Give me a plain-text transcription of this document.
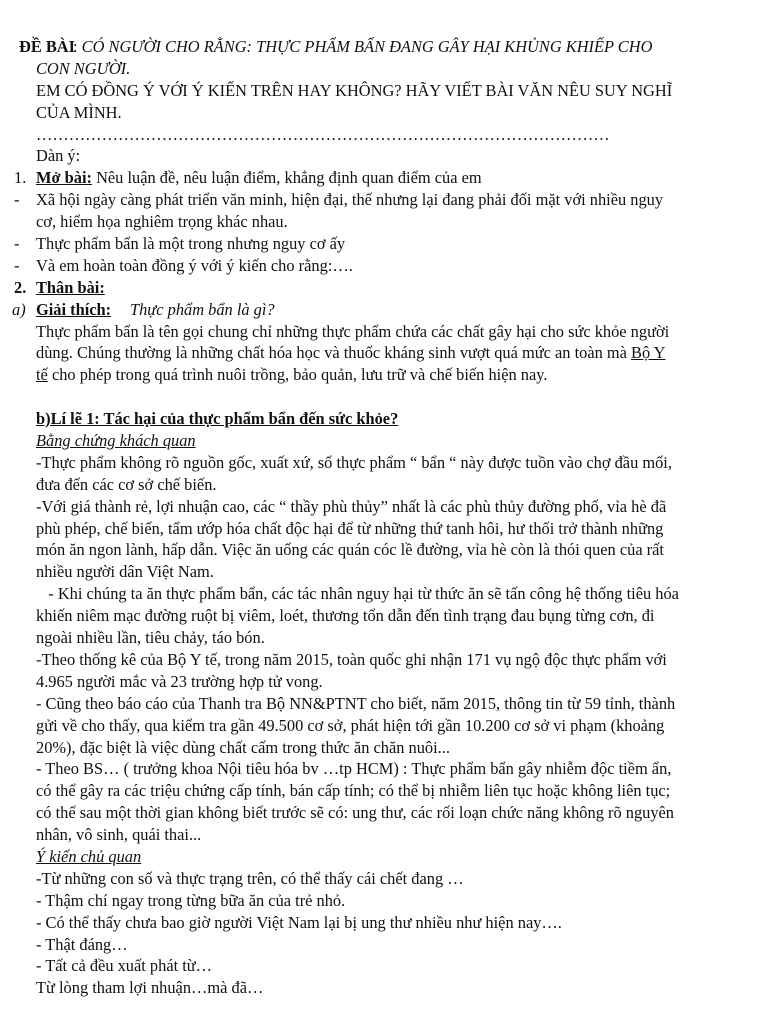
ĐỀ BÀI
: CÓ NGƯỜI CHO RẰNG: THỰC PHẨM BẨN ĐANG GÂY HẠI KHỦNG KHIẾP CHO
CON NGƯỜI.
EM CÓ ĐỒNG Ý VỚI Ý KIẾN TRÊN HAY KHÔNG? HÃY VIẾT BÀI VĂN NÊU SUY NGHĨ
CỦA MÌNH.
……………………………………………………………………………………………
Dàn ý:
1. Mở bài: Nêu luận đề, nêu luận điểm, khẳng định quan điểm của em
Xã hội ngày càng phát triển văn minh, hiện đại, thế nhưng lại đang phải đối mặt với nhiều nguy
-
cơ, hiểm họa nghiêm trọng khác nhau.
Thực phẩm bẩn là một trong nhưng nguy cơ ấy
-
Và em hoàn toàn đồng ý với ý kiến cho rằng:….
-
2. Thân bài:
a) Giải thích: Thực phẩm bẩn là gì?
Thực phẩm bẩn là tên gọi chung chỉ những thực phẩm chứa các chất gây hại cho sức khỏe người
dùng. Chúng thường là những chất hóa học và thuốc kháng sinh vượt quá mức an toàn mà Bộ Y
tế cho phép trong quá trình nuôi trồng, bảo quản, lưu trữ và chế biến hiện nay.
b)Lí lẽ 1: Tác hại của thực phẩm bẩn đến sức khỏe?
Bằng chứng khách quan
-Thực phẩm không rõ nguồn gốc, xuất xứ, số thực phẩm “ bẩn “ này được tuồn vào chợ đầu mối,
đưa đến các cơ sở chế biến.
-Với giá thành rẻ, lợi nhuận cao, các “ thầy phù thủy” nhất là các phù thủy đường phố, vỉa hè đã
phù phép, chế biến, tẩm ướp hóa chất độc hại để từ những thứ tanh hôi, hư thối trở thành những
món ăn ngon lành, hấp dẫn. Việc ăn uống các quán cóc lề đường, vỉa hè còn là thói quen của rất
nhiều người dân Việt Nam.
- Khi chúng ta ăn thực phẩm bẩn, các tác nhân nguy hại từ thức ăn sẽ tấn công hệ thống tiêu hóa
khiến niêm mạc đường ruột bị viêm, loét, thương tổn dẫn đến tình trạng đau bụng từng cơn, đi
ngoài nhiều lần, tiêu chảy, táo bón.
-Theo thống kê của Bộ Y tế, trong năm 2015, toàn quốc ghi nhận 171 vụ ngộ độc thực phẩm với
4.965 người mắc và 23 trường hợp tử vong.
- Cũng theo báo cáo của Thanh tra Bộ NN&PTNT cho biết, năm 2015, thông tin từ 59 tỉnh, thành
gửi về cho thấy, qua kiểm tra gần 49.500 cơ sở, phát hiện tới gần 10.200 cơ sở vi phạm (khoảng
20%), đặc biệt là việc dùng chất cấm trong thức ăn chăn nuôi...
- Theo BS… ( trưởng khoa Nội tiêu hóa bv …tp HCM) : Thực phẩm bẩn gây nhiễm độc tiềm ẩn,
có thể gây ra các triệu chứng cấp tính, bán cấp tính; có thể bị nhiễm liên tục hoặc không liên tục;
có thể sau một thời gian không biết trước sẽ có: ung thư, các rối loạn chức năng không rõ nguyên
nhân, vô sinh, quái thai...
Ý kiến chủ quan
-Từ những con số và thực trạng trên, có thể thấy cái chết đang …
- Thậm chí ngay trong từng bữa ăn của trẻ nhỏ.
- Có thể thấy chưa bao giờ người Việt Nam lại bị ung thư nhiều như hiện nay….
- Thật đáng…
- Tất cả đều xuất phát từ…
Từ lòng tham lợi nhuận…mà đã…
